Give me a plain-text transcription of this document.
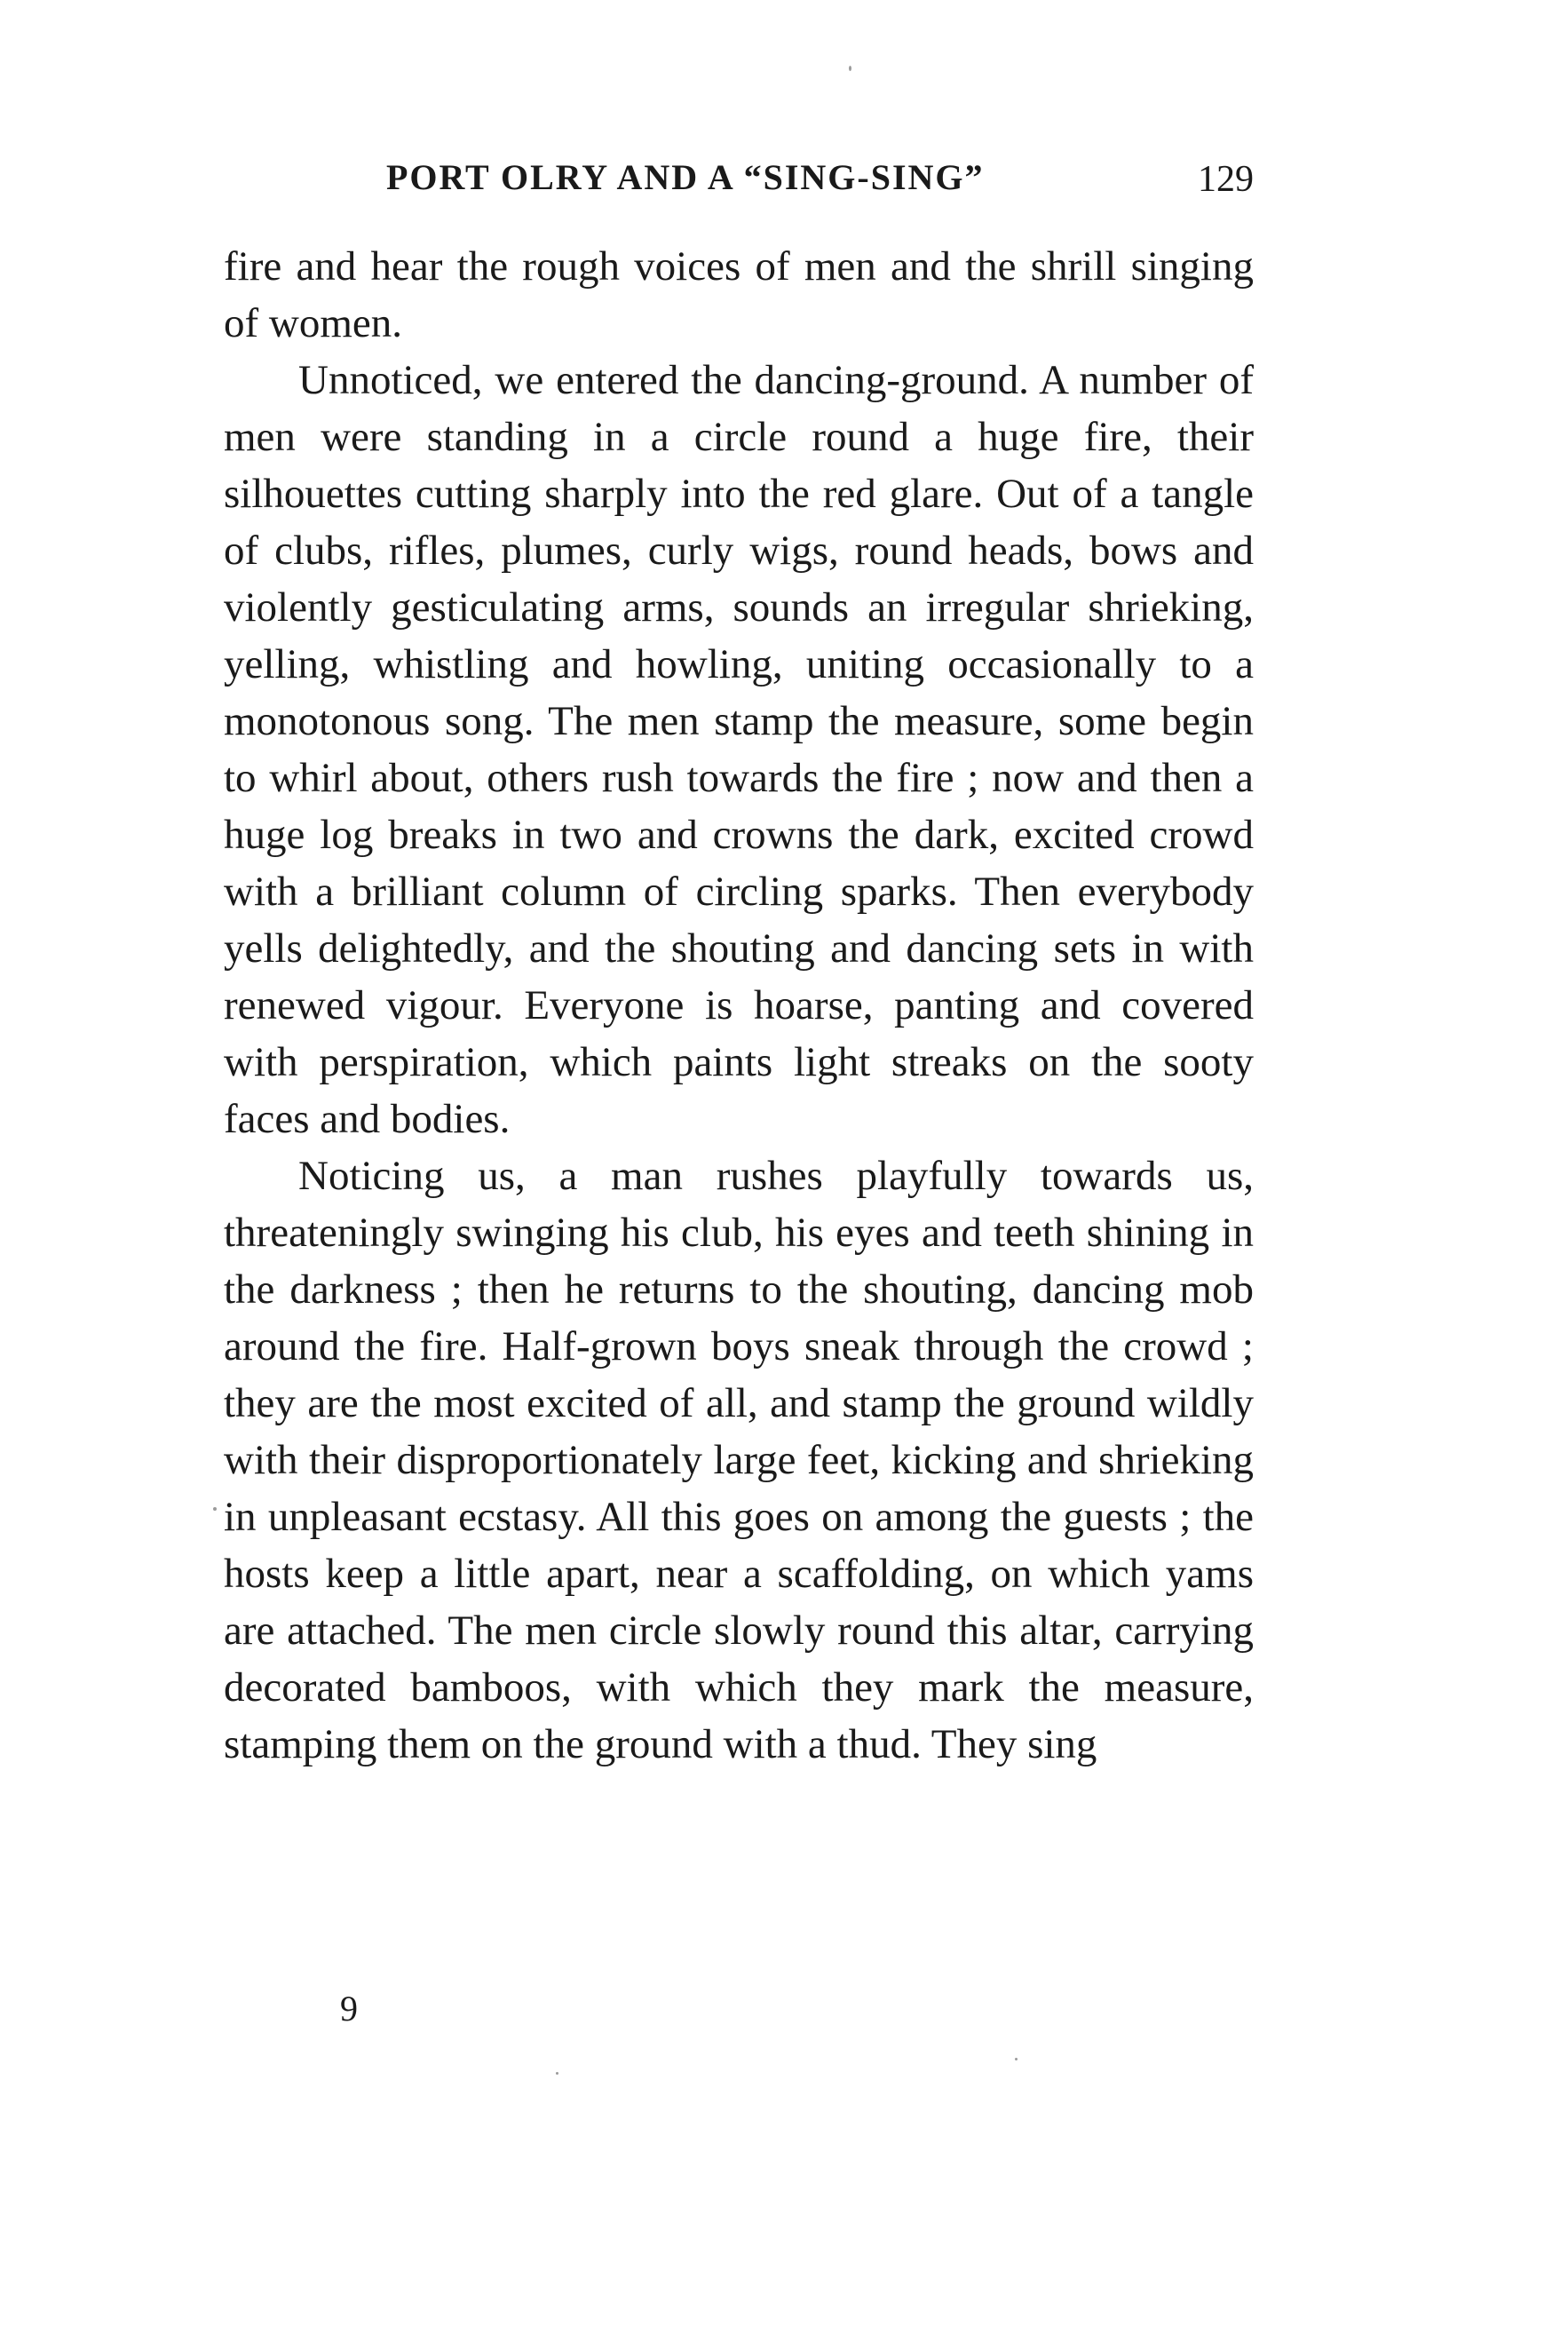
PORT OLRY AND A “SING-SING”	129

fire and hear the rough voices of men and the shrill singing of women.

Unnoticed, we entered the dancing-ground. A number of men were standing in a circle round a huge fire, their silhouettes cutting sharply into the red glare. Out of a tangle of clubs, rifles, plumes, curly wigs, round heads, bows and violently gesticulating arms, sounds an irregular shrieking, yelling, whistling and howling, uniting occasionally to a monotonous song. The men stamp the measure, some begin to whirl about, others rush towards the fire ; now and then a huge log breaks in two and crowns the dark, excited crowd with a brilliant column of circling sparks. Then everybody yells delightedly, and the shouting and dancing sets in with renewed vigour. Everyone is hoarse, panting and covered with perspiration, which paints light streaks on the sooty faces and bodies.

Noticing us, a man rushes playfully towards us, threateningly swinging his club, his eyes and teeth shining in the darkness ; then he returns to the shouting, dancing mob around the fire. Half-grown boys sneak through the crowd ; they are the most excited of all, and stamp the ground wildly with their disproportionately large feet, kicking and shrieking in unpleasant ecstasy. All this goes on among the guests ; the hosts keep a little apart, near a scaffolding, on which yams are attached. The men circle slowly round this altar, carrying decorated bamboos, with which they mark the measure, stamping them on the ground with a thud. They sing

9
